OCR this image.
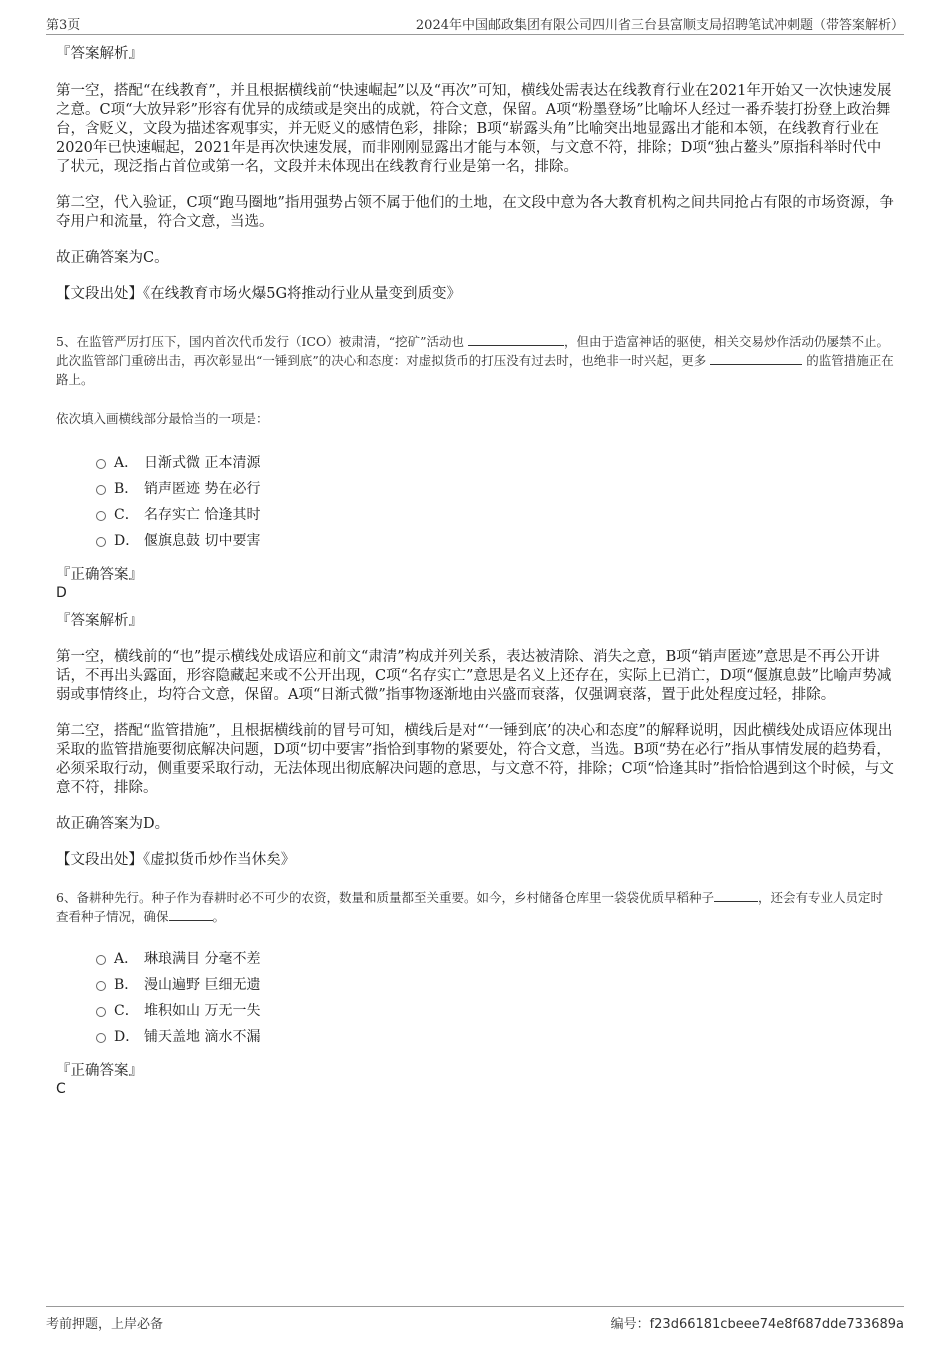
第3页	2024年中国邮政集团有限公司四川省三台县富顺支局招聘笔试冲刺题（带答案解析）
『答案解析』

第一空，搭配“在线教育”，并且根据横线前“快速崛起”以及“再次”可知，横线处需表达在线教育行业在2021年开始又一次快速发展之意。C项“大放异彩”形容有优异的成绩或是突出的成就，符合文意，保留。A项“粉墨登场”比喻坏人经过一番乔装打扮登上政治舞台，含贬义，文段为描述客观事实，并无贬义的感情色彩，排除；B项“崭露头角”比喻突出地显露出才能和本领，在线教育行业在2020年已快速崛起，2021年是再次快速发展，而非刚刚显露出才能与本领，与文意不符，排除；D项“独占鳌头”原指科举时代中了状元，现泛指占首位或第一名，文段并未体现出在线教育行业是第一名，排除。

第二空，代入验证，C项“跑马圈地”指用强势占领不属于他们的土地，在文段中意为各大教育机构之间共同抢占有限的市场资源，争夺用户和流量，符合文意，当选。

故正确答案为C。

【文段出处】《在线教育市场火爆5G将推动行业从量变到质变》

5、在监管严厉打压下，国内首次代币发行（ICO）被肃清，“挖矿”活动也	，但由于造富神话的驱使，相关交易炒作活动仍屡禁不止。此次监管部门重磅出击，再次彰显出“一锤到底”的决心和态度：对虚拟货币的打压没有过去时，也绝非一时兴起，更多	的监管措施正在路上。

依次填入画横线部分最恰当的一项是：

A． 日渐式微 正本清源
B． 销声匿迹 势在必行
C． 名存实亡 恰逢其时
D． 偃旗息鼓 切中要害
『正确答案』
D
『答案解析』

第一空，横线前的“也”提示横线处成语应和前文“肃清”构成并列关系，表达被清除、消失之意，B项“销声匿迹”意思是不再公开讲话，不再出头露面，形容隐藏起来或不公开出现，C项“名存实亡”意思是名义上还存在，实际上已消亡，D项“偃旗息鼓”比喻声势减弱或事情终止，均符合文意，保留。A项“日渐式微”指事物逐渐地由兴盛而衰落，仅强调衰落，置于此处程度过轻，排除。

第二空，搭配“监管措施”，且根据横线前的冒号可知，横线后是对“‘一锤到底’的决心和态度”的解释说明，因此横线处成语应体现出采取的监管措施要彻底解决问题，D项“切中要害”指恰到事物的紧要处，符合文意，当选。B项“势在必行”指从事情发展的趋势看，必须采取行动，侧重要采取行动，无法体现出彻底解决问题的意思，与文意不符，排除；C项“恰逢其时”指恰恰遇到这个时候，与文意不符，排除。

故正确答案为D。

【文段出处】《虚拟货币炒作当休矣》

6、备耕种先行。种子作为春耕时必不可少的农资，数量和质量都至关重要。如今，乡村储备仓库里一袋袋优质早稻种子	，还会有专业人员定时查看种子情况，确保	。

A． 琳琅满目 分毫不差
B． 漫山遍野 巨细无遗
C． 堆积如山 万无一失
D． 铺天盖地 滴水不漏
『正确答案』
C
考前押题，上岸必备	编号：f23d66181cbeee74e8f687dde733689a
